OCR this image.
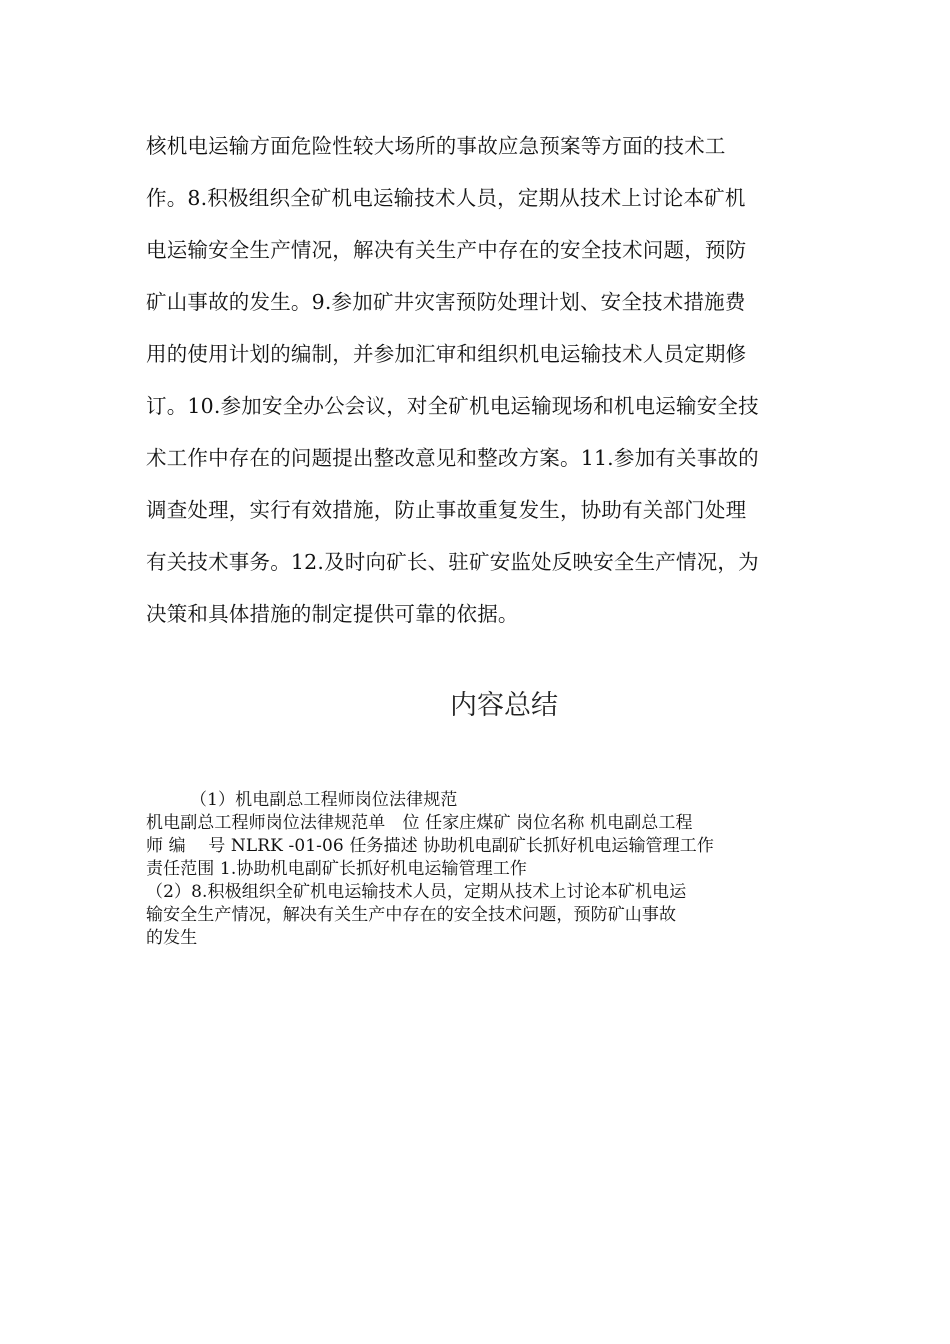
核机电运输方面危险性较大场所的事故应急预案等方面的技术工
作。8.积极组织全矿机电运输技术人员，定期从技术上讨论本矿机
电运输安全生产情况，解决有关生产中存在的安全技术问题，预防
矿山事故的发生。9.参加矿井灾害预防处理计划、安全技术措施费
用的使用计划的编制，并参加汇审和组织机电运输技术人员定期修
订。10.参加安全办公会议，对全矿机电运输现场和机电运输安全技
术工作中存在的问题提出整改意见和整改方案。11.参加有关事故的
调查处理，实行有效措施，防止事故重复发生，协助有关部门处理
有关技术事务。12.及时向矿长、驻矿安监处反映安全生产情况，为
决策和具体措施的制定提供可靠的依据。
内容总结
（1）机电副总工程师岗位法律规范
机电副总工程师岗位法律规范单　位 任家庄煤矿 岗位名称 机电副总工程
师 编　 号 NLRK -01-06 任务描述 协助机电副矿长抓好机电运输管理工作
责任范围 1.协助机电副矿长抓好机电运输管理工作
（2）8.积极组织全矿机电运输技术人员，定期从技术上讨论本矿机电运
输安全生产情况，解决有关生产中存在的安全技术问题，预防矿山事故
的发生
